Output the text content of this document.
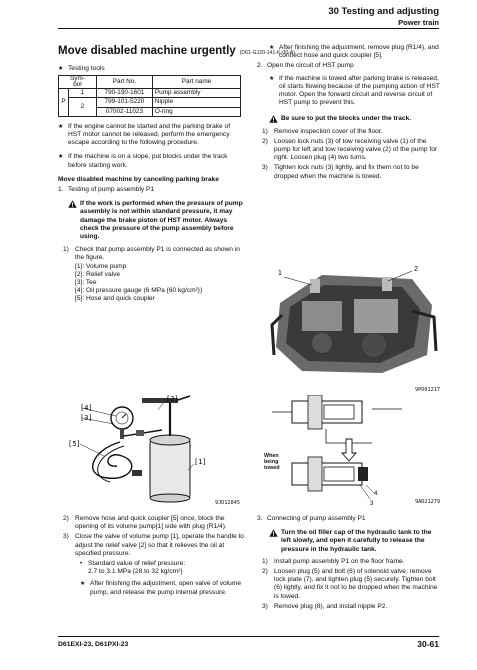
30 Testing and adjusting
Power train
Move disabled machine urgently (D61-GJ20-141-K-00-A)
★ Testing tools
Sym-
bol		Part No.	Part name
P	1	790-190-1601	Pump assembly
	2	799-101-5220	Nipple
		07002-11023	O-ring
★ If the engine cannot be started and the parking brake of HST motor cannot be released, perform the emergency escape according to the following procedure.
★ If the machine is on a slope, put blocks under the track before starting work.
Move disabled machine by canceling parking brake
1. Testing of pump assembly P1
If the work is performed when the pressure of pump assembly is not within standard pressure, it may damage the brake piston of HST motor. Always check the pressure of the pump assembly before using.
1) Check that pump assembly P1 is connected as shown in the figure.
[1]: Volume pump
[2]: Relief valve
[3]: Tee
[4]: Oil pressure gauge (6 MPa {60 kg/cm²})
[5]: Hose and quick coupler
[4]
[3]
[2]
[5]
[1]
9JD12845
2) Remove hose and quick coupler [5] once, block the opening of its volume pump[1] side with plug (R1/4).
3) Close the valve of volume pump [1], operate the handle to adjust the relief valve [2] so that it relieves the oil at specified pressure.
• Standard value of relief pressure:
2.7 to 3.1 MPa {28 to 32 kg/cm²}
★ After finishing the adjustment, open valve of volume pump, and release the pump internal pressure.
★ After finishing the adjustment, remove plug (R1/4), and connect hose and quick coupler [5].
2. Open the circuit of HST pump
★ If the machine is towed after parking brake is released, oil starts flowing because of the pumping action of HST motor. Open the forward circuit and reverse circuit of HST pump to prevent this.
Be sure to put the blocks under the track.
1) Remove inspection cover of the floor.
2) Loosen lock nuts (3) of tow receiving valve (1) of the pump for left and tow receiving valve (2) of the pump for right. Loosen plug (4) two turns.
3) Tighten lock nuts (3) lightly, and fix them not to be dropped when the machine is towed.
1
2
9PD01217
4
3
When being towed
9AD21279
3. Connecting of pump assembly P1
Turn the oil filler cap of the hydraulic tank to the left slowly, and open it carefully to release the pressure in the hydraulic tank.
1) Install pump assembly P1 on the floor frame.
2) Loosen plug (5) and bolt (6) of solenoid valve, remove lock plate (7), and tighten plug (5) securely. Tighten bolt (6) lightly, and fix it not to be dropped when the machine is towed.
3) Remove plug (8), and install nipple P2.
D61EXI-23, D61PXI-23	30-61
